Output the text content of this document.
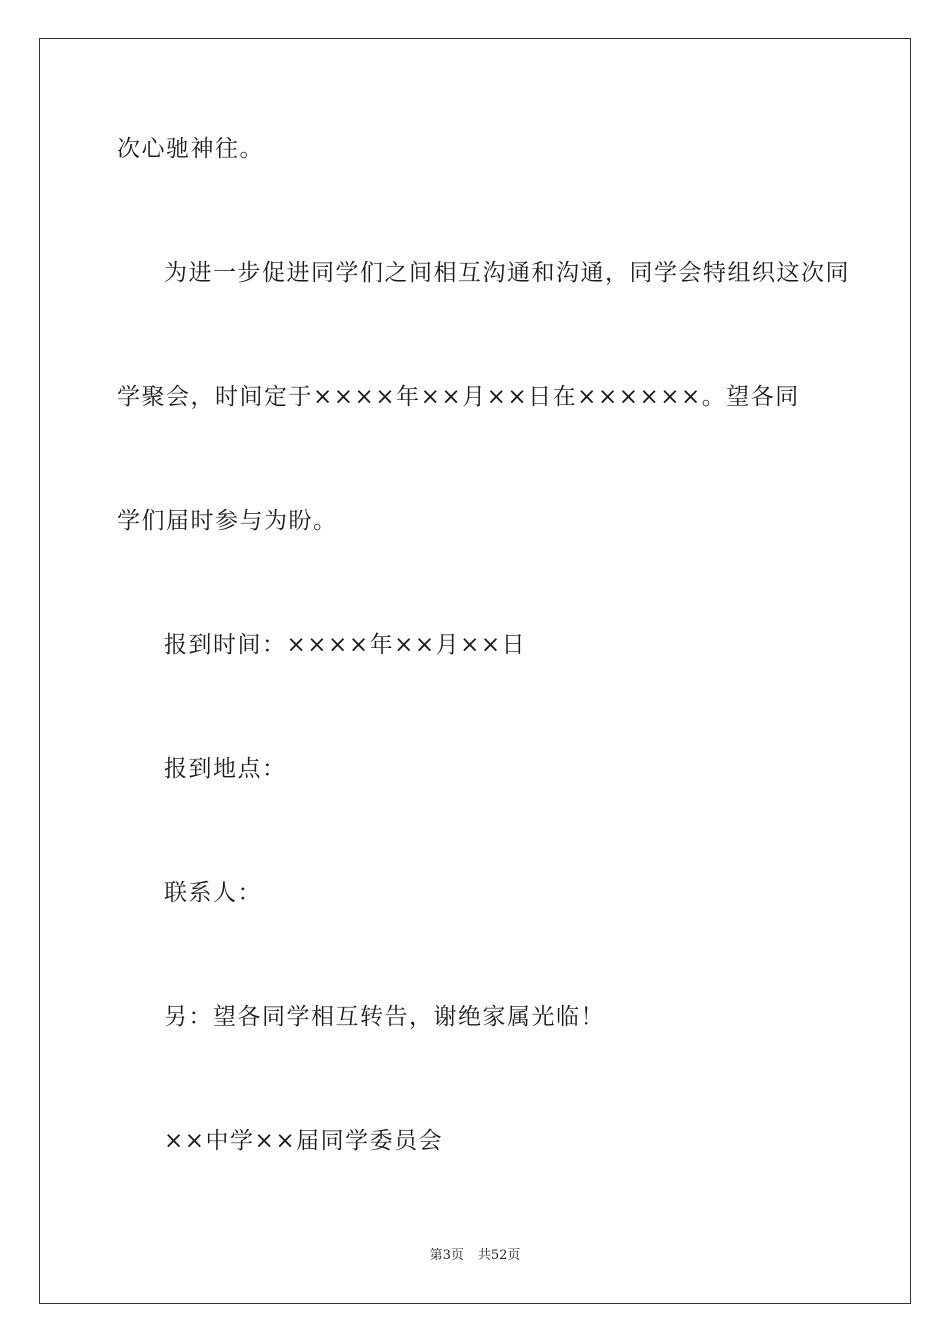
次心驰神往。
为进一步促进同学们之间相互沟通和沟通，同学会特组织这次同
学聚会，时间定于××××年××月××日在××××××。望各同
学们届时参与为盼。
报到时间：××××年××月××日
报到地点：
联系人：
另：望各同学相互转告，谢绝家属光临！
××中学××届同学委员会
第3页 共52页
